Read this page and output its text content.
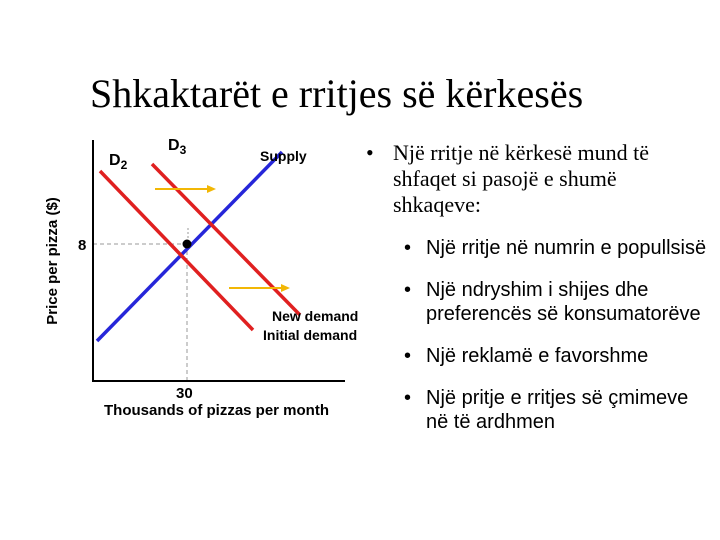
Shkaktarët e rritjes së kërkesës
Price per pizza ($)
Thousands of pizzas per month
8
30
$D_2$
$D_3$	Supply
New demand
Initial demand
• Një rritje në kërkesë mund të shfaqet si pasojë e shumë shkaqeve:
• Një rritje në numrin e popullsisë
• Një ndryshim i shijes dhe preferencës së konsumatorëve
• Një reklamë e favorshme
• Një pritje e rritjes së çmimeve në të ardhmen
